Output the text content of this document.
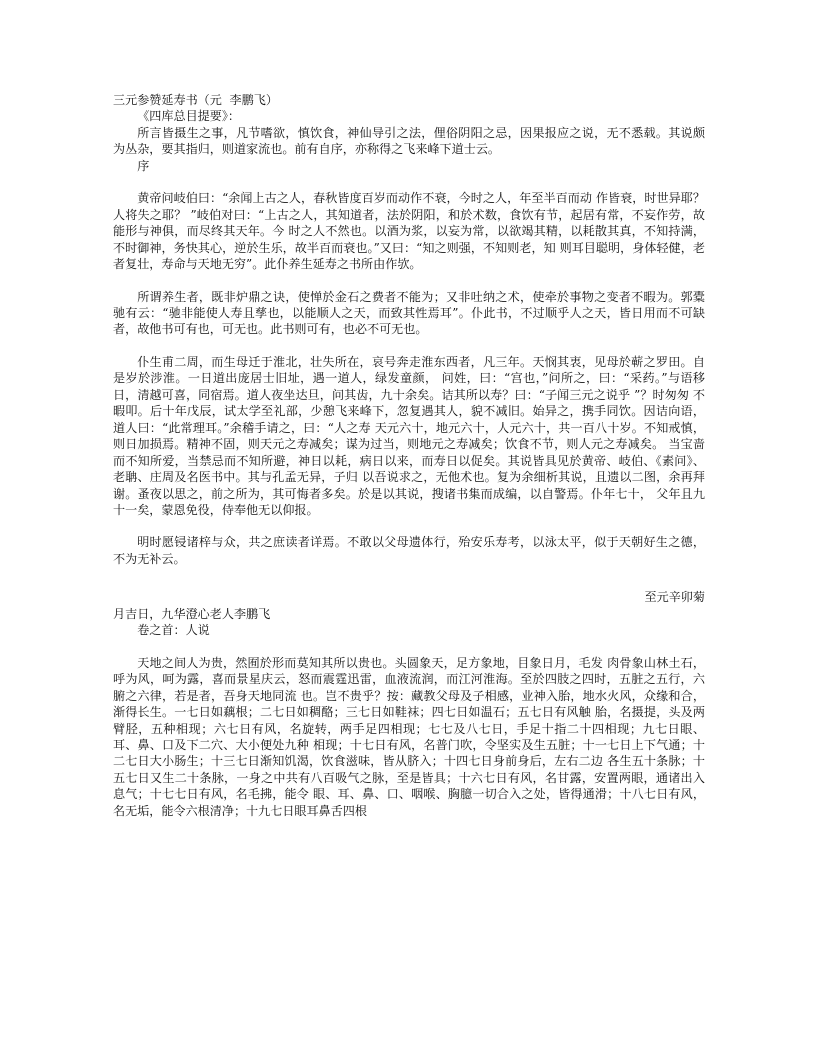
三元参赞延寿书（元  李鹏飞）
《四库总目提要》：

所言皆摄生之事，凡节嗜欲，慎饮食，神仙导引之法，俚俗阴阳之忌，因果报应之说，无不悉载。其说颇为丛杂，要其指归，则道家流也。前有自序，亦称得之飞来峰下道士云。

序

黄帝问岐伯曰：“余闻上古之人，春秋皆度百岁而动作不衰，今时之人，年至半百而动 作皆衰，时世异耶？人将失之耶？ ”岐伯对曰：“上古之人，其知道者，法於阴阳，和於术数，食饮有节，起居有常，不妄作劳，故能形与神俱，而尽终其天年。今 时之人不然也。以酒为浆，以妄为常，以欲竭其精，以耗散其真，不知持满，不时御神，务快其心，逆於生乐，故半百而衰也。”又曰：“知之则强，不知则老，知 则耳目聪明，身体轻健，老者复壮，寿命与天地无穷”。此仆养生延寿之书所由作欤。

所谓养生者，既非炉鼎之诀，使惮於金石之费者不能为；又非吐纳之术，使牵於事物之变者不暇为。郭橐驰有云：“驰非能使人寿且孳也，以能顺人之天，而致其性焉耳”。仆此书，不过顺乎人之天，皆日用而不可缺者，故他书可有也，可无也。此书则可有，也必不可无也。

仆生甫二周，而生母迁于淮北，壮失所在，哀号奔走淮东西者，凡三年。天悯其衷，见母於蕲之罗田。自是岁於涉淮。一日道出庞居士旧址，遇一道人，绿发童颜， 问姓，曰：“宫也，”问所之，曰：“采药。”与语移日，清越可喜，同宿焉。道人夜坐达旦，问其齿，九十余矣。诘其所以寿？曰：“子闻三元之说乎 ”？时匆匆 不暇叩。后十年戊辰，试太学至礼部，少憩飞来峰下，忽复遇其人，貌不减旧。始异之，携手同饮。因诘向语，道人曰：“此常理耳。”余稽手请之，曰：“人之寿 天元六十，地元六十，人元六十，共一百八十岁。不知戒慎，则日加损焉。精神不固，则天元之寿减矣；谋为过当，则地元之寿减矣；饮食不节，则人元之寿减矣。 当宝啬而不知所爱，当禁忌而不知所避，神日以耗，病日以来，而寿日以促矣。其说皆具见於黄帝、岐伯、《素问》、老聃、庄周及名医书中。其与孔孟无异，子归 以吾说求之，无他术也。复为余细析其说，且遗以二图，余再拜谢。蚤夜以思之，前之所为，其可悔者多矣。於是以其说，搜诸书集而成编，以自警焉。仆年七十， 父年且九十一矣，蒙恩免役，侍奉他无以仰报。

明时愿锓诸梓与众，共之庶读者详焉。不敢以父母遗体行，殆安乐寿考，以泳太平，似于天朝好生之德，不为无补云。

至元辛卯菊

月吉日，九华澄心老人李鹏飞

卷之首：人说

天地之间人为贵，然囿於形而莫知其所以贵也。头圆象天，足方象地，目象日月，毛发 肉骨象山林土石，呼为风，呵为露，喜而景星庆云，怒而震霆迅雷，血液流润，而江河淮海。至於四肢之四时，五脏之五行，六腑之六律，若是者，吾身天地同流 也。岂不贵乎？按：藏教父母及子相感，业神入胎，地水火风，众缘和合，渐得长生。一七日如藕根；二七日如稠酪；三七日如鞋袜；四七日如温石；五七日有风触 胎，名摄提，头及两臂胫，五种相现；六七日有风，名旋转，两手足四相现；七七及八七日，手足十指二十四相现；九七日眼、耳、鼻、口及下二穴、大小便处九种 相现；十七日有风，名普门吹，令坚实及生五脏；十一七日上下气通；十二七日大小肠生；十三七日渐知饥渴，饮食滋味，皆从脐入；十四七日身前身后，左右二边 各生五十条脉；十五七日又生二十条脉，一身之中共有八百吸气之脉，至是皆具；十六七日有风，名甘露，安置两眼，通诸出入息气；十七七日有风，名毛拂，能令 眼、耳、鼻、口、咽喉、胸臆一切合入之处，皆得通滑；十八七日有风，名无垢，能令六根清净；十九七日眼耳鼻舌四根
